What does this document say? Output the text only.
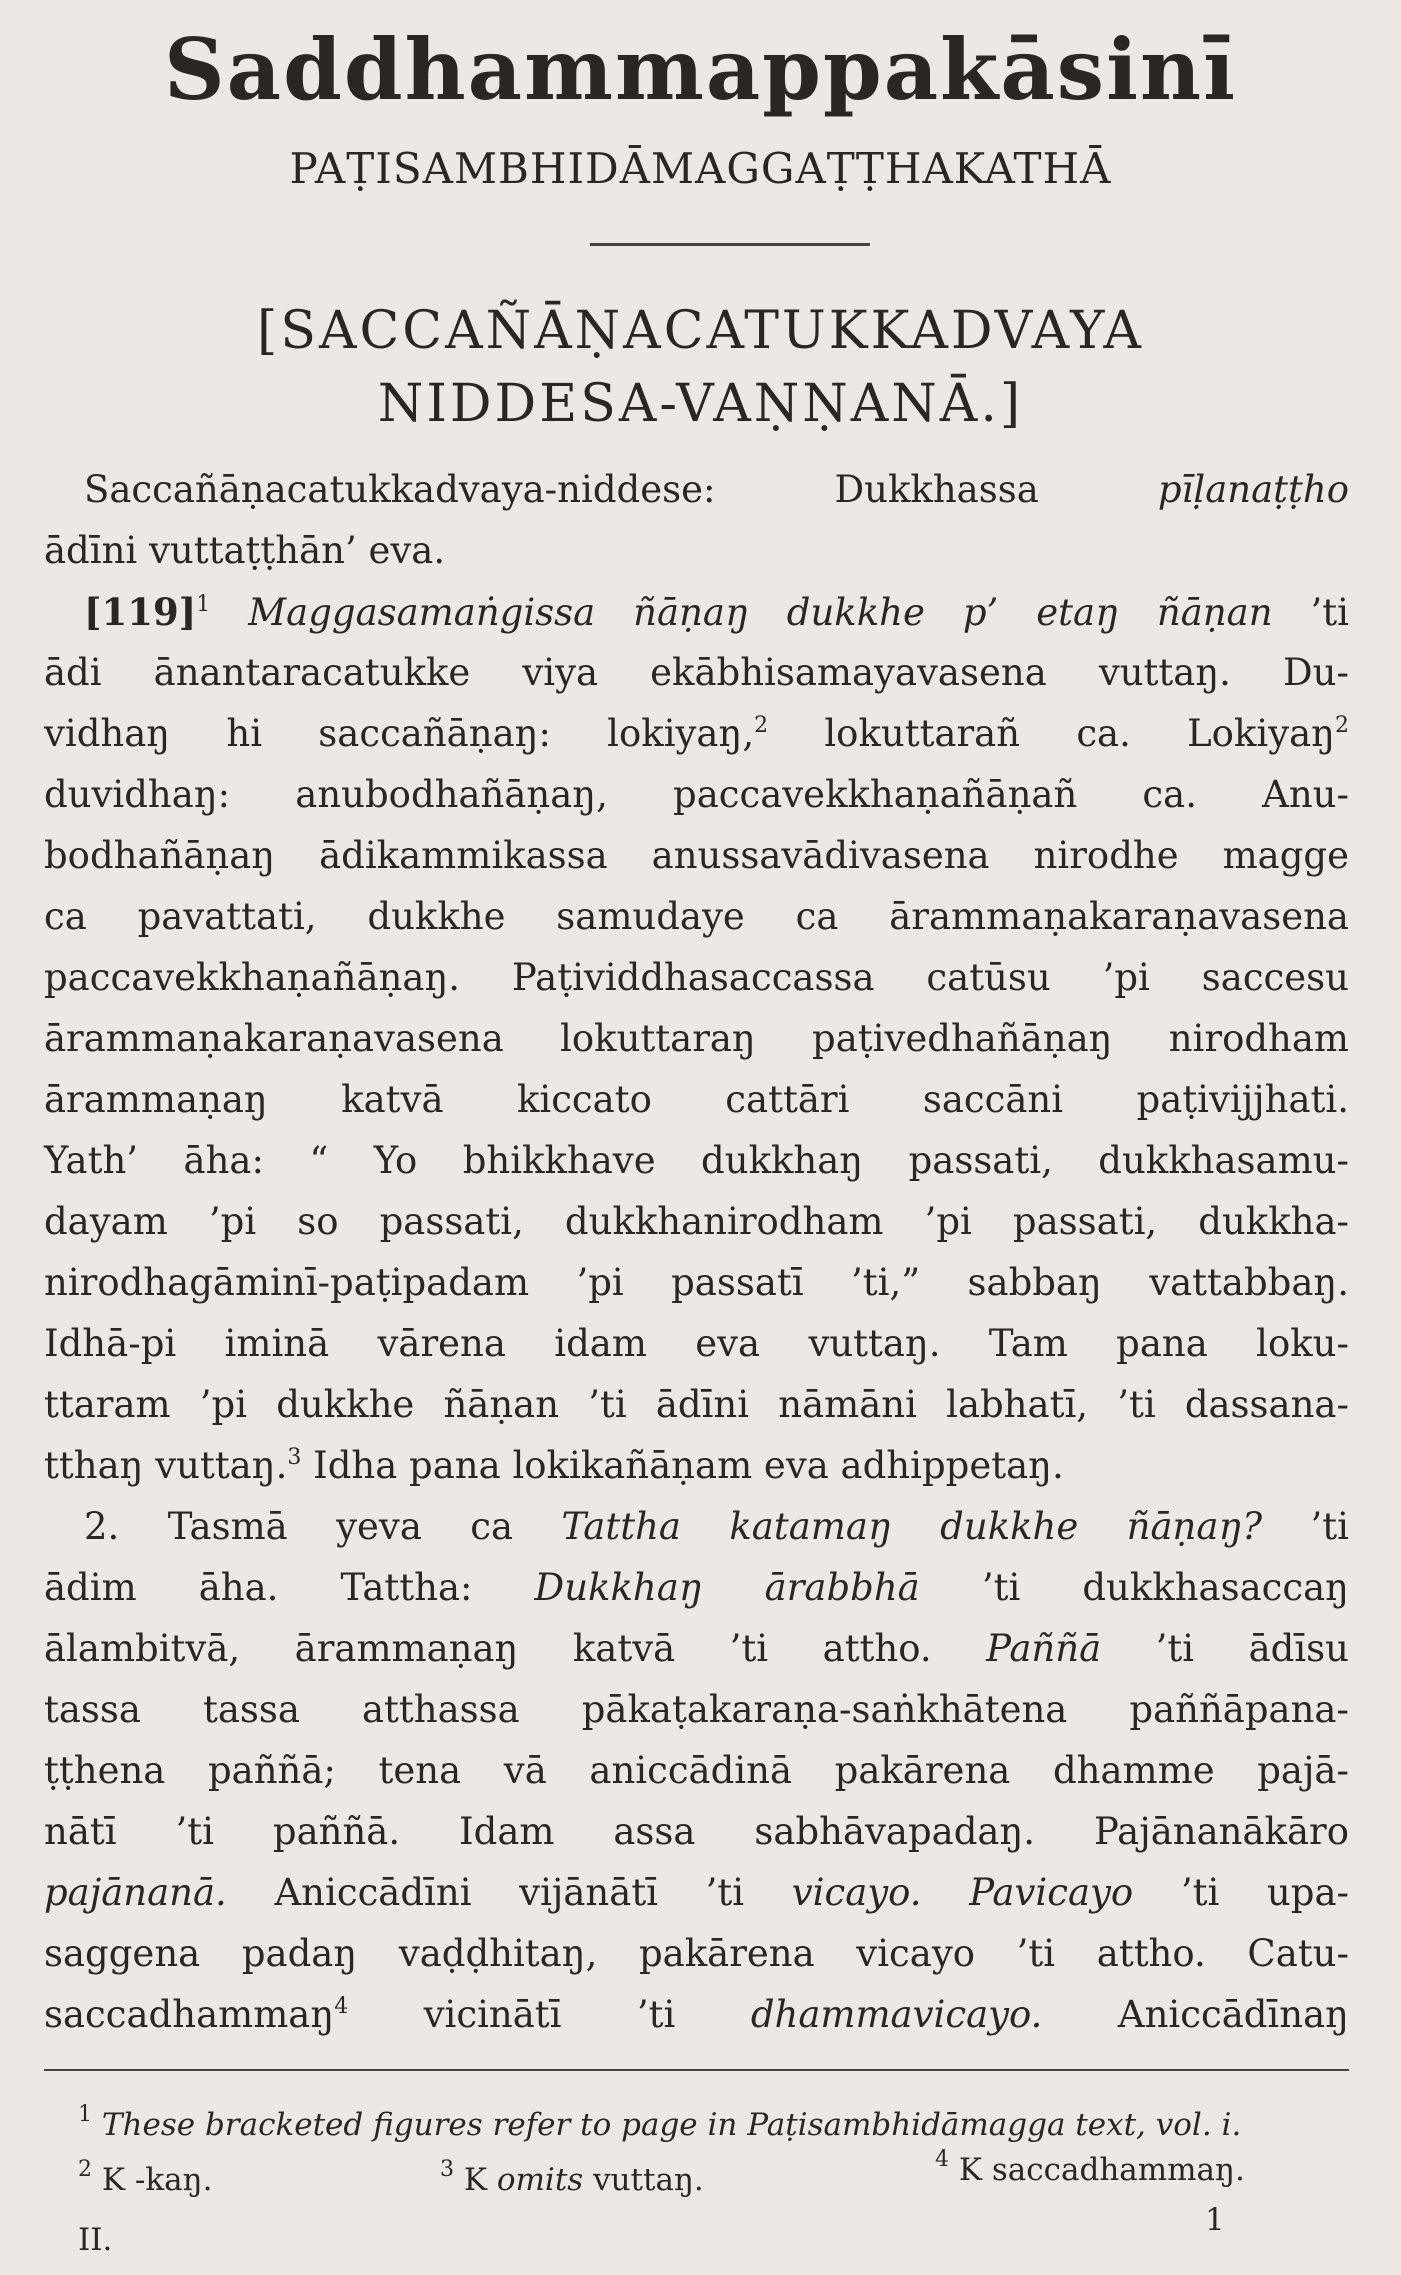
Saddhammappakāsinī
PAṬISAMBHIDĀMAGGAṬṬHAKATHĀ
[SACCAÑĀṆACATUKKADVAYA
NIDDESA-VAṆṆANĀ.]
Saccañāṇacatukkadvaya-niddese: Dukkhassa pīḷanaṭṭho
ādīni vuttaṭṭhān’ eva.
$[119]^1$ Maggasamaṅgissa ñāṇaŋ dukkhe p’ etaŋ ñāṇan ’ti
ādi ānantaracatukke viya ekābhisamayavasena vuttaŋ. Du-
vidhaŋ hi saccañāṇaŋ: lokiyaŋ,$^2$ lokuttarañ ca. Lokiyaŋ$^2$
duvidhaŋ: anubodhañāṇaŋ, paccavekkhaṇañāṇañ ca. Anu-
bodhañāṇaŋ ādikammikassa anussavādivasena nirodhe magge
ca pavattati, dukkhe samudaye ca ārammaṇakaraṇavasena
paccavekkhaṇañāṇaŋ. Paṭividdhasaccassa catūsu ’pi saccesu
ārammaṇakaraṇavasena lokuttaraŋ paṭivedhañāṇaŋ nirodham
ārammaṇaŋ katvā kiccato cattāri saccāni paṭivijjhati.
Yath’ āha: “ Yo bhikkhave dukkhaŋ passati, dukkhasamu-
dayam ’pi so passati, dukkhanirodham ’pi passati, dukkha-
nirodhagāminī-paṭipadam ’pi passatī ’ti,” sabbaŋ vattabbaŋ.
Idhā-pi iminā vārena idam eva vuttaŋ. Tam pana loku-
ttaram ’pi dukkhe ñāṇan ’ti ādīni nāmāni labhatī, ’ti dassana-
tthaŋ vuttaŋ.$^3$ Idha pana lokikañāṇam eva adhippetaŋ.
2. Tasmā yeva ca Tattha katamaŋ dukkhe ñāṇaŋ? ’ti
ādim āha. Tattha: Dukkhaŋ ārabbhā ’ti dukkhasaccaŋ
ālambitvā, ārammaṇaŋ katvā ’ti attho. Paññā ’ti ādīsu
tassa tassa atthassa pākaṭakaraṇa-saṅkhātena paññāpana-
ṭṭhena paññā; tena vā aniccādinā pakārena dhamme pajā-
nātī ’ti paññā. Idam assa sabhāvapadaŋ. Pajānanākāro
pajānanā. Aniccādīni vijānātī ’ti vicayo. Pavicayo ’ti upa-
saggena padaŋ vaḍḍhitaŋ, pakārena vicayo ’ti attho. Catu-
saccadhammaŋ$^4$ vicinātī ’ti dhammavicayo. Aniccādīnaŋ
$^1$ These bracketed figures refer to page in Paṭisambhidāmagga text, vol. i.
$^2$ K -kaŋ.	$^3$ K omits vuttaŋ.
$^4$ K saccadhammaŋ.
II.
1
